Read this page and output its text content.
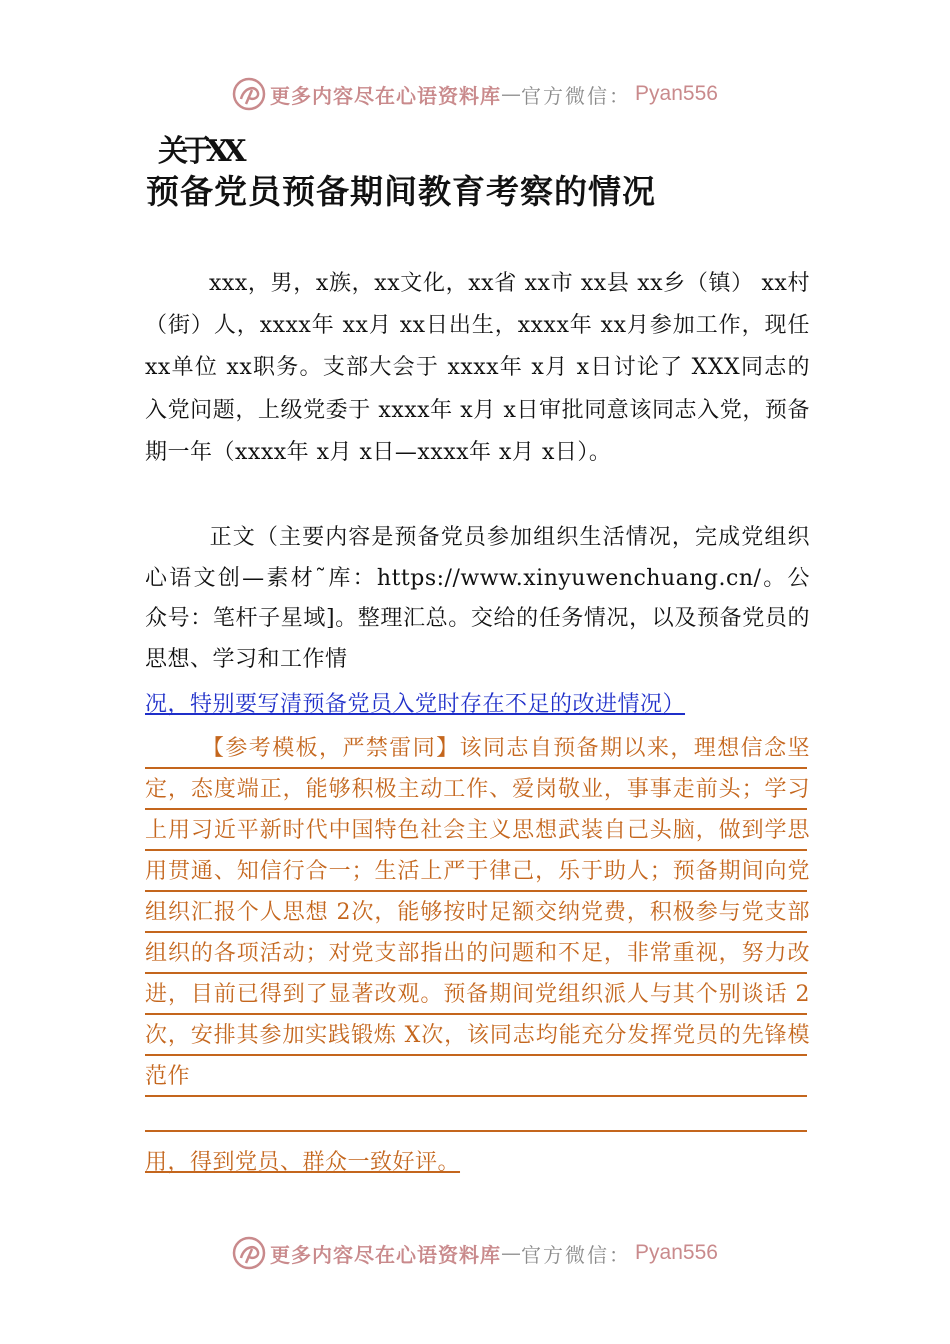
更多内容尽在心语资料库 — 官方微信： Pyan556
关于XX
预备党员预备期间教育考察的情况
xxx，男，x族，xx文化，xx省 xx市 xx县 xx乡（镇） xx村（街）人，xxxx年 xx月 xx日出生，xxxx年 xx月参加工作，现任 xx单位 xx职务。支部大会于 xxxx年 x月 x日讨论了 XXX同志的入党问题，上级党委于 xxxx年 x月 x日审批同意该同志入党，预备期一年（xxxx年 x月 x日—xxxx年 x月 x日）。
正文（主要内容是预备党员参加组织生活情况，完成党组织心语文创—素材˜库：https://www.xinyuwenchuang.cn/。公众号：笔杆子星域]。整理汇总。交给的任务情况，以及预备党员的思想、学习和工作情
况，特别要写清预备党员入党时存在不足的改进情况）
【参考模板，严禁雷同】该同志自预备期以来，理想信念坚定，态度端正，能够积极主动工作、爱岗敬业，事事走前头；学习上用习近平新时代中国特色社会主义思想武装自己头脑，做到学思用贯通、知信行合一；生活上严于律己，乐于助人；预备期间向党组织汇报个人思想 2次，能够按时足额交纳党费，积极参与党支部组织的各项活动；对党支部指出的问题和不足，非常重视，努力改进，目前已得到了显著改观。预备期间党组织派人与其个别谈话 2次，安排其参加实践锻炼 X次，该同志均能充分发挥党员的先锋模范作
用，得到党员、群众一致好评。
更多内容尽在心语资料库 — 官方微信： Pyan556
